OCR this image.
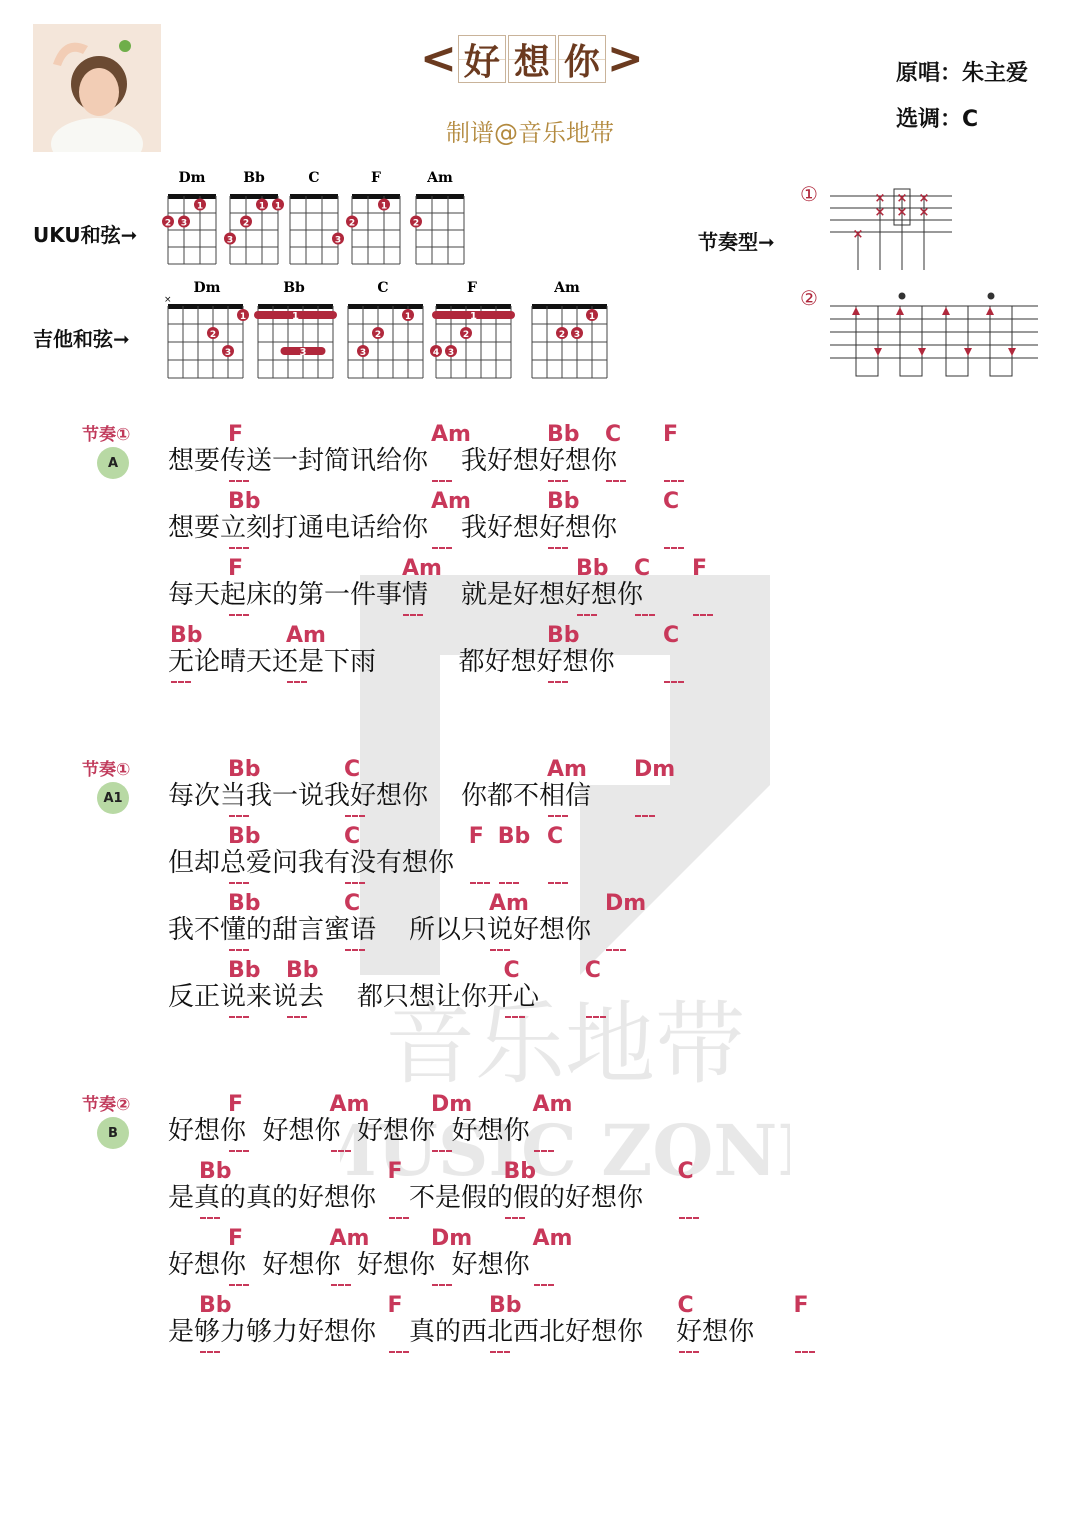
音乐地带
USIC ZON
< 好 想 你 >
制谱@音乐地带
原唱：朱主爱
选调：C
UKU和弦➞
吉他和弦➞
节奏型➞
Dm	Bb	C	F	Am
1
2 3
1 1
2
3	3
1
2	2
Dm	Bb	C	F	Am
1
2
3
×
1
3
1
2
3
1
2
3
4
1
2 3
①
②
×
×
×
×
×
×
×
节奏①
A	想要传送一封简讯给你    我好想好想你
F	Am	Bb C F
想要立刻打通电话给你    我好想好想你
Bb	Am	Bb	C
每天起床的第一件事情    就是好想好想你
F	Am	Bb C F
无论晴天还是下雨          都好想好想你
Bb	Am	Bb	C
节奏①
A1 每次当我一说我好想你    你都不相信
Bb	C	Am Dm
但却总爱问我有没有想你
Bb	C	F Bb C
我不懂的甜言蜜语    所以只说好想你
Bb	C	Am	Dm
反正说来说去    都只想让你开心
Bb Bb	C	C
节奏②
B	好想你  好想你  好想你  好想你
F	Am	Dm	Am
是真的真的好想你    不是假的假的好想你
Bb	F	Bb	C
好想你  好想你  好想你  好想你
F	Am	Dm	Am
是够力够力好想你    真的西北西北好想你    好想你
Bb	F	Bb	C	F
